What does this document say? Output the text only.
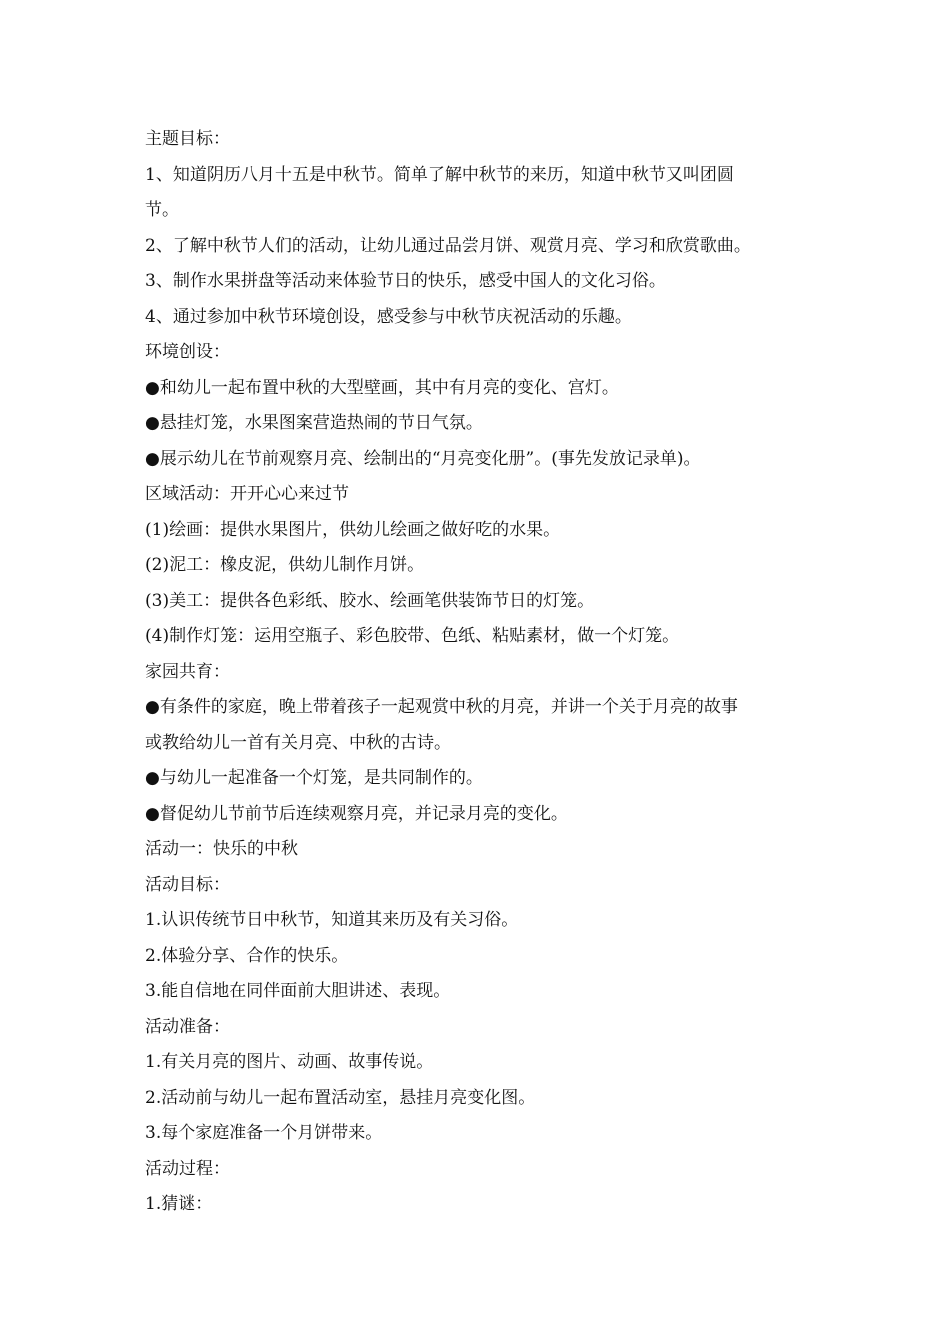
主题目标：
1、知道阴历八月十五是中秋节。简单了解中秋节的来历，知道中秋节又叫团圆
节。
2、了解中秋节人们的活动，让幼儿通过品尝月饼、观赏月亮、学习和欣赏歌曲。
3、制作水果拼盘等活动来体验节日的快乐，感受中国人的文化习俗。
4、通过参加中秋节环境创设，感受参与中秋节庆祝活动的乐趣。
环境创设：
●和幼儿一起布置中秋的大型壁画，其中有月亮的变化、宫灯。
●悬挂灯笼，水果图案营造热闹的节日气氛。
●展示幼儿在节前观察月亮、绘制出的“月亮变化册”。(事先发放记录单)。
区域活动：开开心心来过节
(1)绘画：提供水果图片，供幼儿绘画之做好吃的水果。
(2)泥工：橡皮泥，供幼儿制作月饼。
(3)美工：提供各色彩纸、胶水、绘画笔供装饰节日的灯笼。
(4)制作灯笼：运用空瓶子、彩色胶带、色纸、粘贴素材，做一个灯笼。
家园共育：
●有条件的家庭，晚上带着孩子一起观赏中秋的月亮，并讲一个关于月亮的故事
或教给幼儿一首有关月亮、中秋的古诗。
●与幼儿一起准备一个灯笼，是共同制作的。
●督促幼儿节前节后连续观察月亮，并记录月亮的变化。
活动一：快乐的中秋
活动目标：
1.认识传统节日中秋节，知道其来历及有关习俗。
2.体验分享、合作的快乐。
3.能自信地在同伴面前大胆讲述、表现。
活动准备：
1.有关月亮的图片、动画、故事传说。
2.活动前与幼儿一起布置活动室，悬挂月亮变化图。
3.每个家庭准备一个月饼带来。
活动过程：
1.猜谜：
